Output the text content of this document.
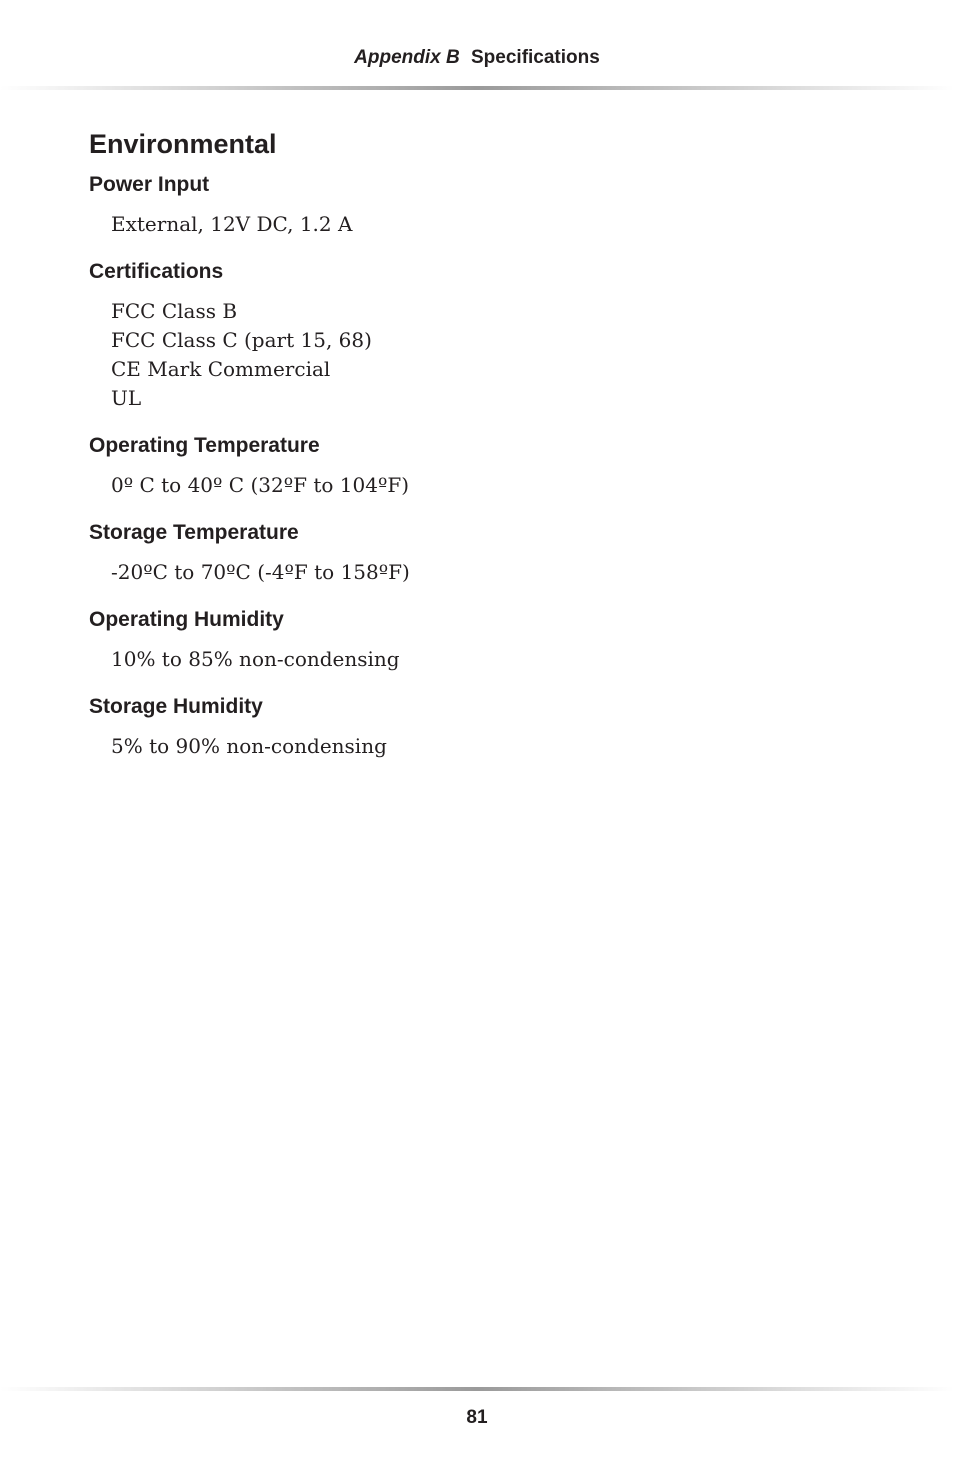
Appendix B Specifications
Environmental
Power Input
External, 12V DC, 1.2 A
Certifications
FCC Class B
FCC Class C (part 15, 68)
CE Mark Commercial
UL
Operating Temperature
0º C to 40º C (32ºF to 104ºF)
Storage Temperature
-20ºC to 70ºC (-4ºF to 158ºF)
Operating Humidity
10% to 85% non-condensing
Storage Humidity
5% to 90% non-condensing
81
